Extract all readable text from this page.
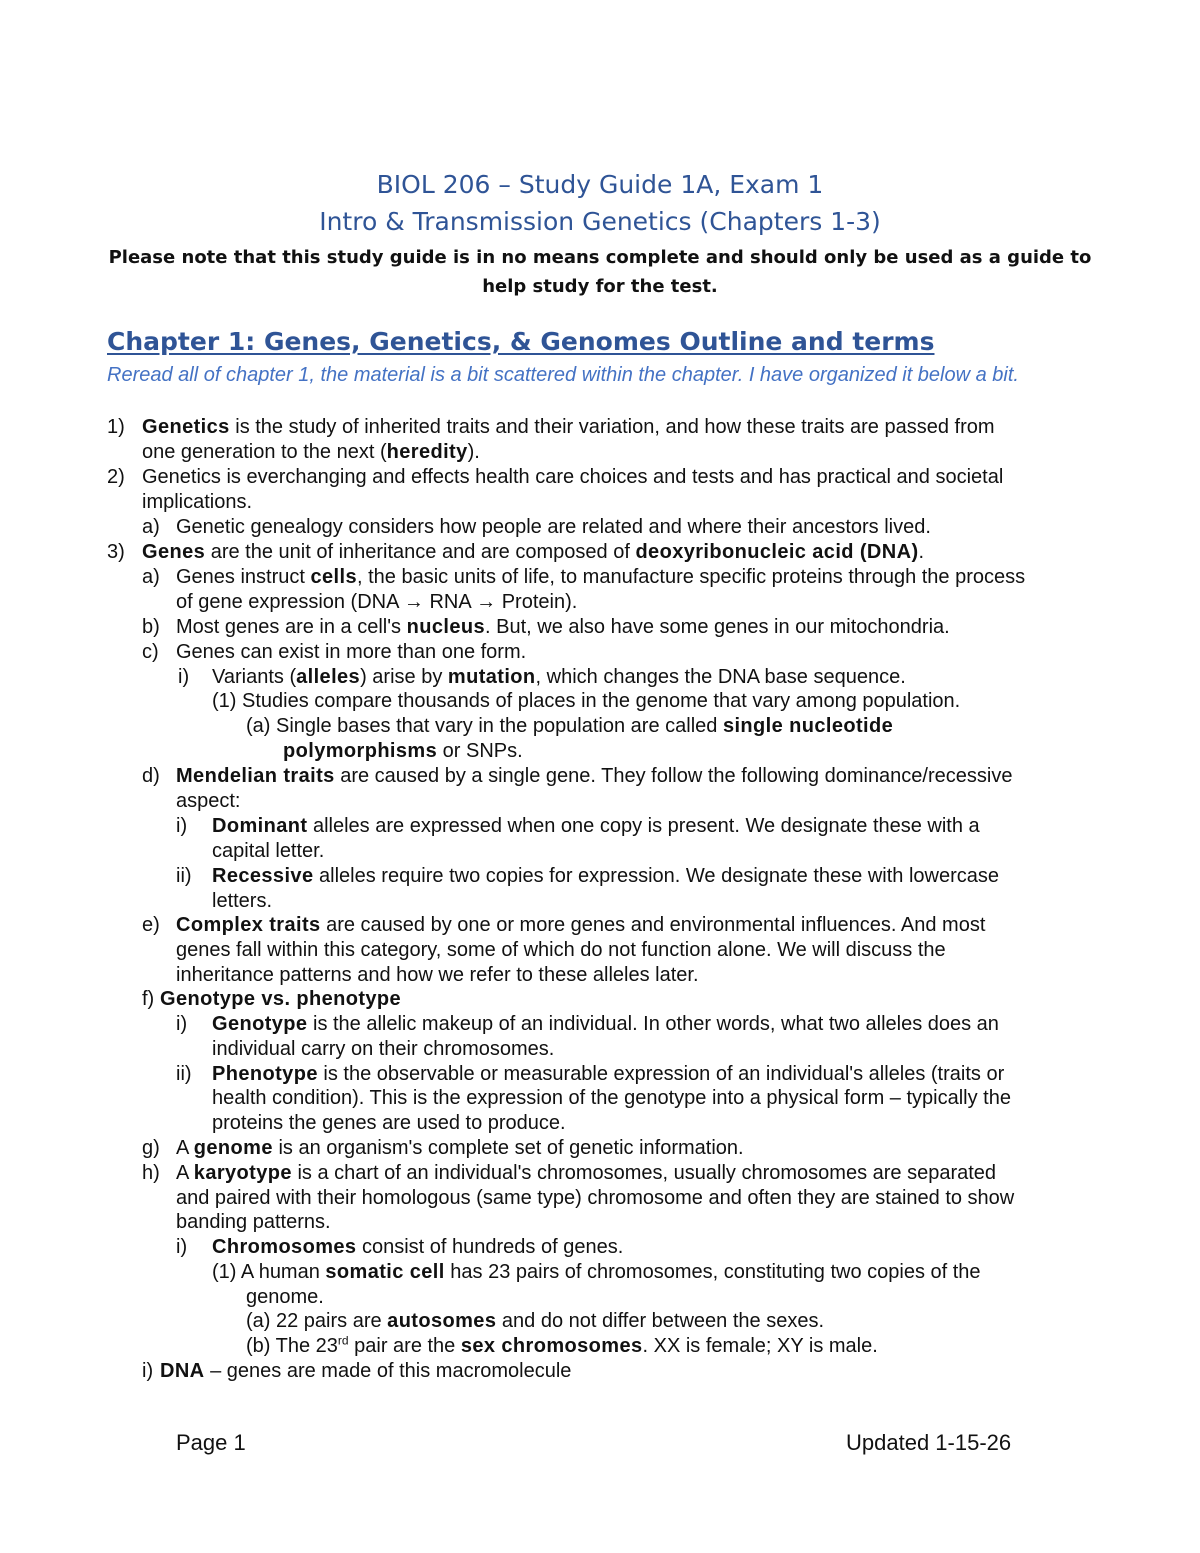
BIOL 206 – Study Guide 1A, Exam 1
Intro & Transmission Genetics (Chapters 1-3)
Please note that this study guide is in no means complete and should only be used as a guide to help study for the test.
Chapter 1: Genes, Genetics, & Genomes Outline and terms
Reread all of chapter 1, the material is a bit scattered within the chapter. I have organized it below a bit.
1) Genetics is the study of inherited traits and their variation, and how these traits are passed from
one generation to the next (heredity).
2) Genetics is everchanging and effects health care choices and tests and has practical and societal
implications.
a) Genetic genealogy considers how people are related and where their ancestors lived.
3) Genes are the unit of inheritance and are composed of deoxyribonucleic acid (DNA).
a) Genes instruct cells, the basic units of life, to manufacture specific proteins through the process
of gene expression (DNA → RNA → Protein).
b) Most genes are in a cell's nucleus. But, we also have some genes in our mitochondria.
c) Genes can exist in more than one form.
i) Variants (alleles) arise by mutation, which changes the DNA base sequence.
(1) Studies compare thousands of places in the genome that vary among population.
(a) Single bases that vary in the population are called single nucleotide
polymorphisms or SNPs.
d) Mendelian traits are caused by a single gene. They follow the following dominance/recessive
aspect:
i) Dominant alleles are expressed when one copy is present. We designate these with a
capital letter.
ii) Recessive alleles require two copies for expression. We designate these with lowercase
letters.
e) Complex traits are caused by one or more genes and environmental influences. And most
genes fall within this category, some of which do not function alone. We will discuss the
inheritance patterns and how we refer to these alleles later.
f) Genotype vs. phenotype
i) Genotype is the allelic makeup of an individual. In other words, what two alleles does an
individual carry on their chromosomes.
ii) Phenotype is the observable or measurable expression of an individual's alleles (traits or
health condition). This is the expression of the genotype into a physical form – typically the
proteins the genes are used to produce.
g) A genome is an organism's complete set of genetic information.
h) A karyotype is a chart of an individual's chromosomes, usually chromosomes are separated
and paired with their homologous (same type) chromosome and often they are stained to show
banding patterns.
i) Chromosomes consist of hundreds of genes.
(1) A human somatic cell has 23 pairs of chromosomes, constituting two copies of the
genome.
(a) 22 pairs are autosomes and do not differ between the sexes.
(b) The 23rd pair are the sex chromosomes. XX is female; XY is male.
i) DNA – genes are made of this macromolecule
Page 1	Updated 1-15-26
